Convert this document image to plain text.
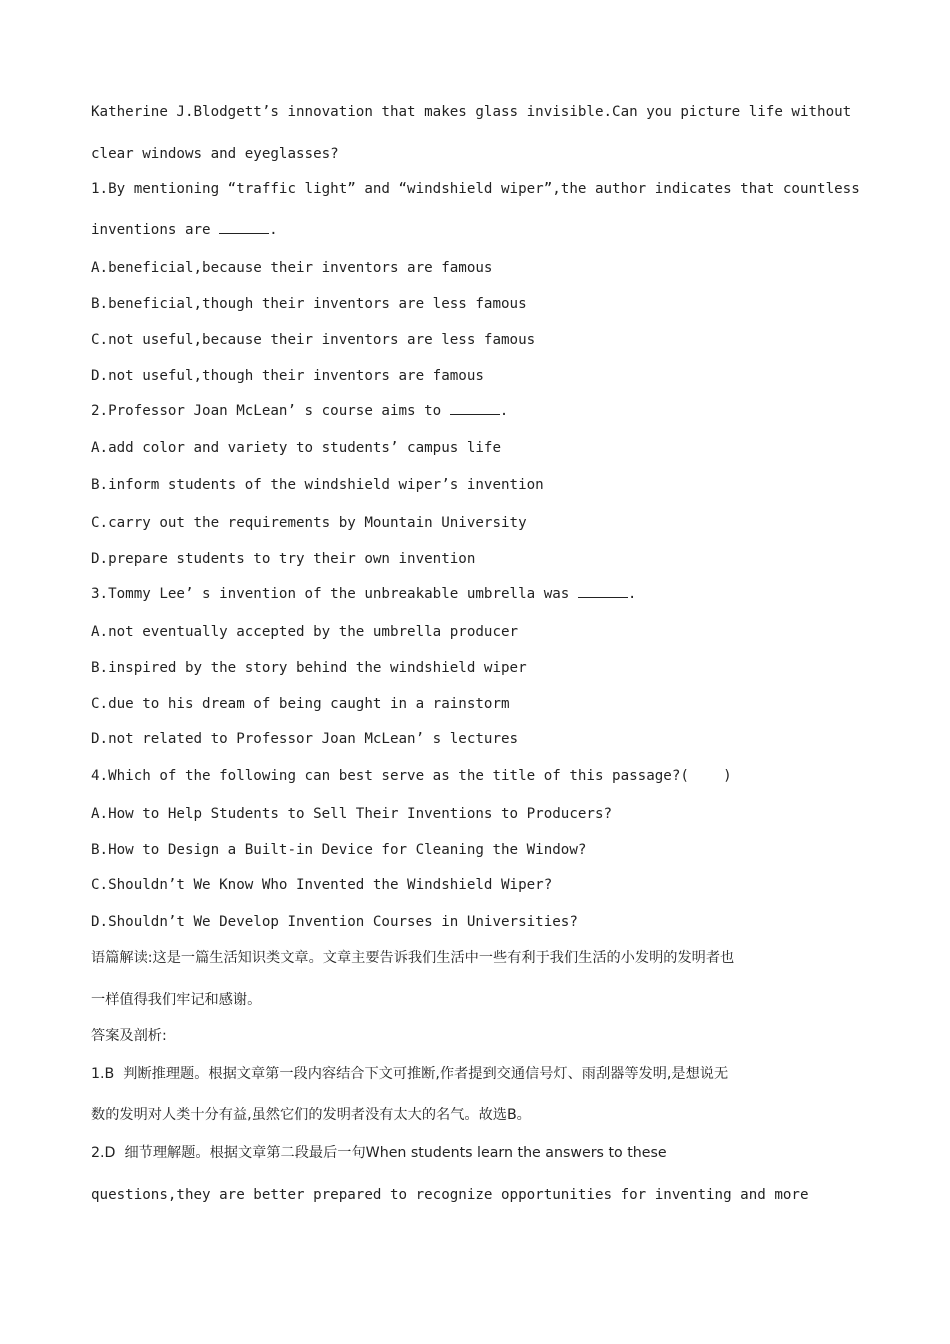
Katherine J.Blodgett’s innovation that makes glass invisible.Can you picture life without
clear windows and eyeglasses?
1.By mentioning “traffic light” and “windshield wiper”,the author indicates that countless
inventions are	.
A.beneficial,because their inventors are famous
B.beneficial,though their inventors are less famous
C.not useful,because their inventors are less famous
D.not useful,though their inventors are famous
2.Professor Joan McLean’ s course aims to	.
A.add color and variety to students’ campus life
B.inform students of the windshield wiper’s invention
C.carry out the requirements by Mountain University
D.prepare students to try their own invention
3.Tommy Lee’ s invention of the unbreakable umbrella was	.
A.not eventually accepted by the umbrella producer
B.inspired by the story behind the windshield wiper
C.due to his dream of being caught in a rainstorm
D.not related to Professor Joan McLean’ s lectures
4.Which of the following can best serve as the title of this passage?(    )
A.How to Help Students to Sell Their Inventions to Producers?
B.How to Design a Built-in Device for Cleaning the Window?
C.Shouldn’t We Know Who Invented the Windshield Wiper?
D.Shouldn’t We Develop Invention Courses in Universities?
语篇解读:这是一篇生活知识类文章。文章主要告诉我们生活中一些有利于我们生活的小发明的发明者也
一样值得我们牢记和感谢。
答案及剖析:
1.B  判断推理题。根据文章第一段内容结合下文可推断,作者提到交通信号灯、雨刮器等发明,是想说无
数的发明对人类十分有益,虽然它们的发明者没有太大的名气。故选B。
2.D  细节理解题。根据文章第二段最后一句When students learn the answers to these
questions,they are better prepared to recognize opportunities for inventing and more
